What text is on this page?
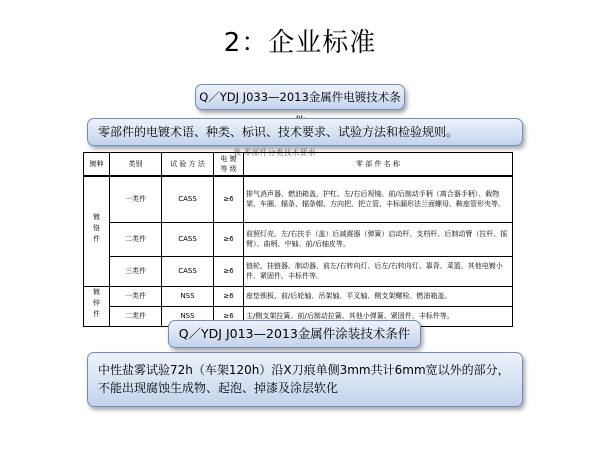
2：企业标准
Q／YDJ J033—2013金属件电镀技术条
零部件的电镀术语、种类、标识、技术要求、试验方法和检验规则。
表 零部件分类技术要求
镀种	类别	试 验 方 法	电 镀 等 级	零 部 件 名 称
镀铬件	一类件	CASS	≥6	排气消声器、燃油箱盖、护杠、左/右后视镜、前/后制动手柄（离合器手柄）、载物架、车圈、辐条、辐条帽、方向把、把立管、丰标漏形法兰面螺母、鞍座管形夹等。
	二类件	CASS	≥6	前照灯壳、左/右扶手（盖）后减震器（弹簧）启动杆、支档杆、后制动臂（拉杆、摇臂）、曲柄、中轴、前/后轴皮等。
	三类件	CASS	≥6	链轮、挂链器、制动器、前左/右转向灯、后左/右转向灯、靠背、菜篮、其他电镀小件、紧固件、丰标件等。
镀锌件	一类件	NSS	≥6	座垫锁板、前/后轮轴、吊架轴、平叉轴、侧支架螺栓、燃油箱盖。
	二类件	NSS	≥6	主/侧支架拉簧、前/后制动拉簧、其他小弹簧、紧固件、丰标件等。
Q／YDJ J013—2013金属件涂装技术条件
中性盐雾试验72h（车架120h）沿X刀痕单侧3mm共计6mm宽以外的部分，不能出现腐蚀生成物、起泡、掉漆及涂层软化
